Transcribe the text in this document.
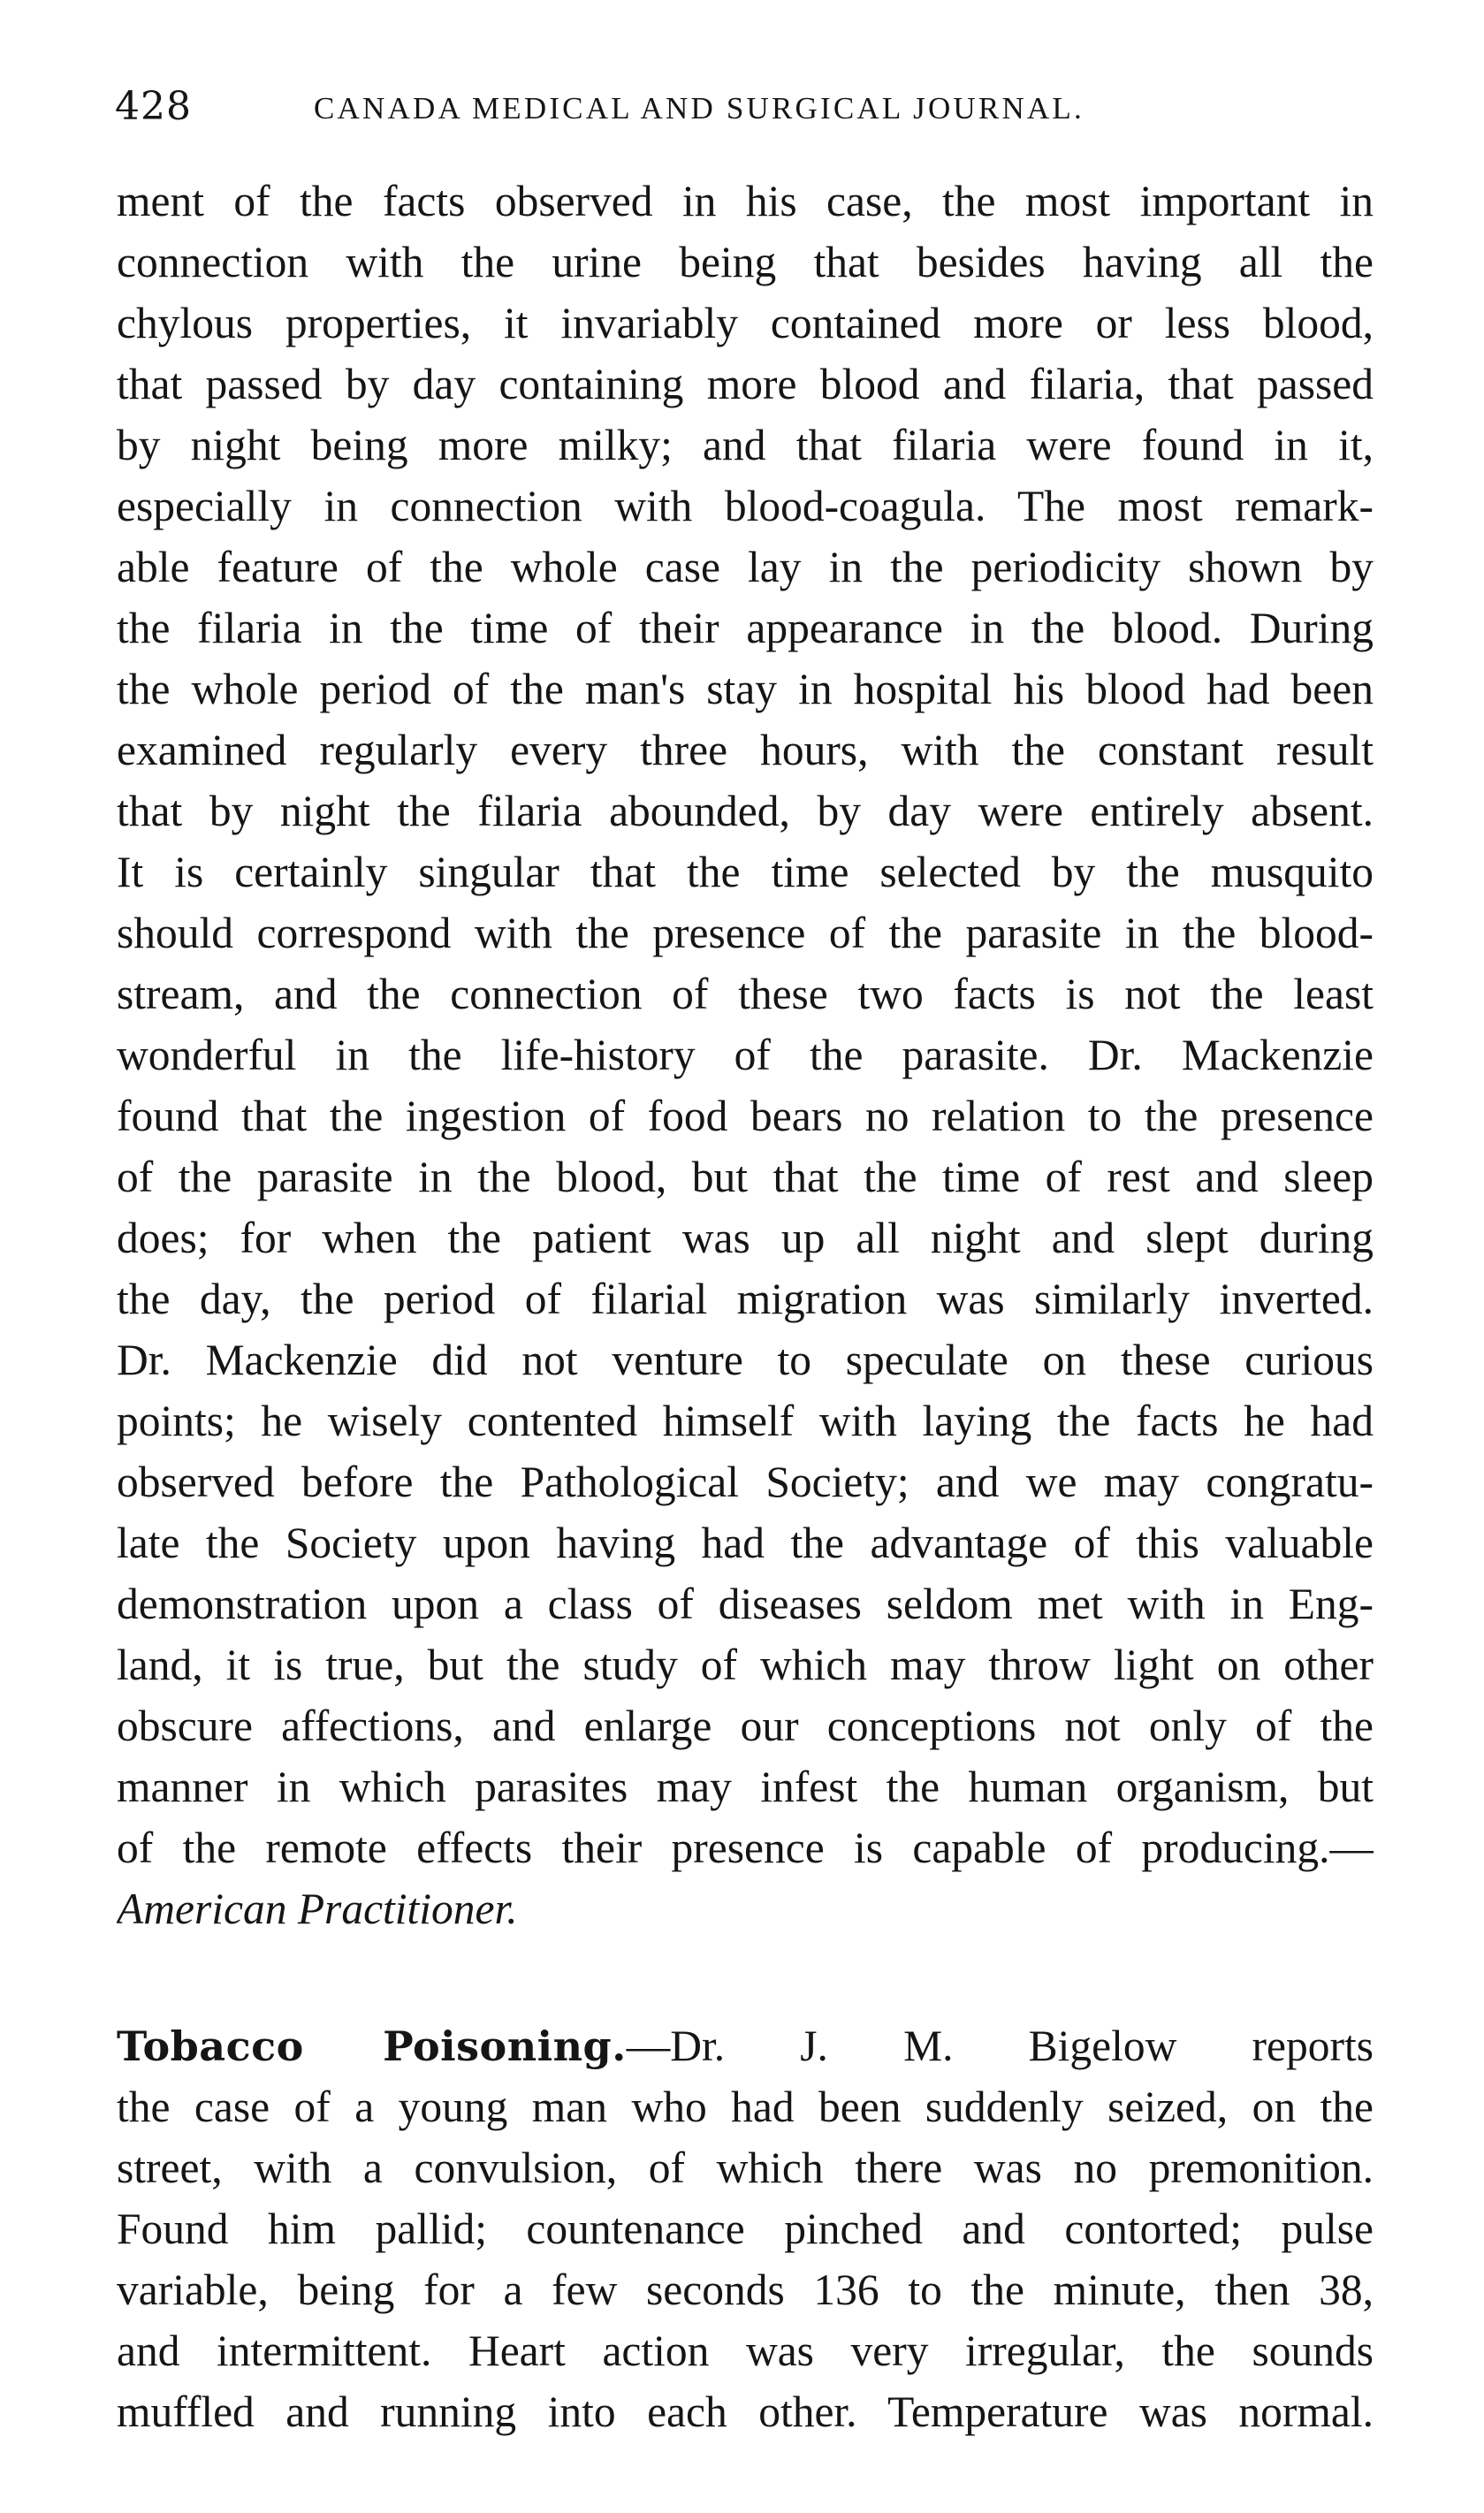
428	CANADA MEDICAL AND SURGICAL JOURNAL.
ment of the facts observed in his case, the most important in
connection with the urine being that besides having all the
chylous properties, it invariably contained more or less blood,
that passed by day containing more blood and filaria, that passed
by night being more milky; and that filaria were found in it,
especially in connection with blood-coagula. The most remark-
able feature of the whole case lay in the periodicity shown by
the filaria in the time of their appearance in the blood. During
the whole period of the man's stay in hospital his blood had been
examined regularly every three hours, with the constant result
that by night the filaria abounded, by day were entirely absent.
It is certainly singular that the time selected by the musquito
should correspond with the presence of the parasite in the blood-
stream, and the connection of these two facts is not the least
wonderful in the life-history of the parasite. Dr. Mackenzie
found that the ingestion of food bears no relation to the presence
of the parasite in the blood, but that the time of rest and sleep
does; for when the patient was up all night and slept during
the day, the period of filarial migration was similarly inverted.
Dr. Mackenzie did not venture to speculate on these curious
points; he wisely contented himself with laying the facts he had
observed before the Pathological Society; and we may congratu-
late the Society upon having had the advantage of this valuable
demonstration upon a class of diseases seldom met with in Eng-
land, it is true, but the study of which may throw light on other
obscure affections, and enlarge our conceptions not only of the
manner in which parasites may infest the human organism, but
of the remote effects their presence is capable of producing.—
American Practitioner.
Tobacco Poisoning.—Dr. J. M. Bigelow reports
the case of a young man who had been suddenly seized, on the
street, with a convulsion, of which there was no premonition.
Found him pallid; countenance pinched and contorted; pulse
variable, being for a few seconds 136 to the minute, then 38,
and intermittent. Heart action was very irregular, the sounds
muffled and running into each other. Temperature was normal.
